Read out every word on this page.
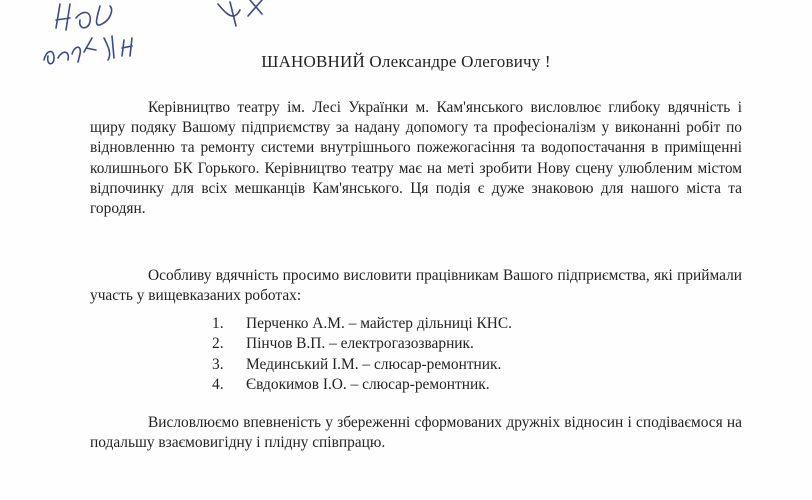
ШАНОВНИЙ Олександре Олеговичу !

Керівництво театру ім. Лесі Українки м. Кам'янського висловлює глибоку вдячність і щиру подяку Вашому підприємству за надану допомогу та професіоналізм у виконанні робіт по відновленню та ремонту системи внутрішнього пожежогасіння та водопостачання в приміщенні колишнього БК Горького. Керівництво театру має на меті зробити Нову сцену улюбленим містом відпочинку для всіх мешканців Кам'янського. Ця подія є дуже знаковою для нашого міста та городян.

Особливу вдячність просимо висловити працівникам Вашого підприємства, які приймали участь у вищевказаних роботах:

1.	Перченко А.М. – майстер дільниці КНС.
2.	Пінчов В.П. – електрогазозварник.
3.	Мединський І.М. – слюсар-ремонтник.
4.	Євдокимов І.О. – слюсар-ремонтник.

Висловлюємо впевненість у збереженні сформованих дружніх відносин і сподіваємося на подальшу взаємовигідну і плідну співпрацю.
